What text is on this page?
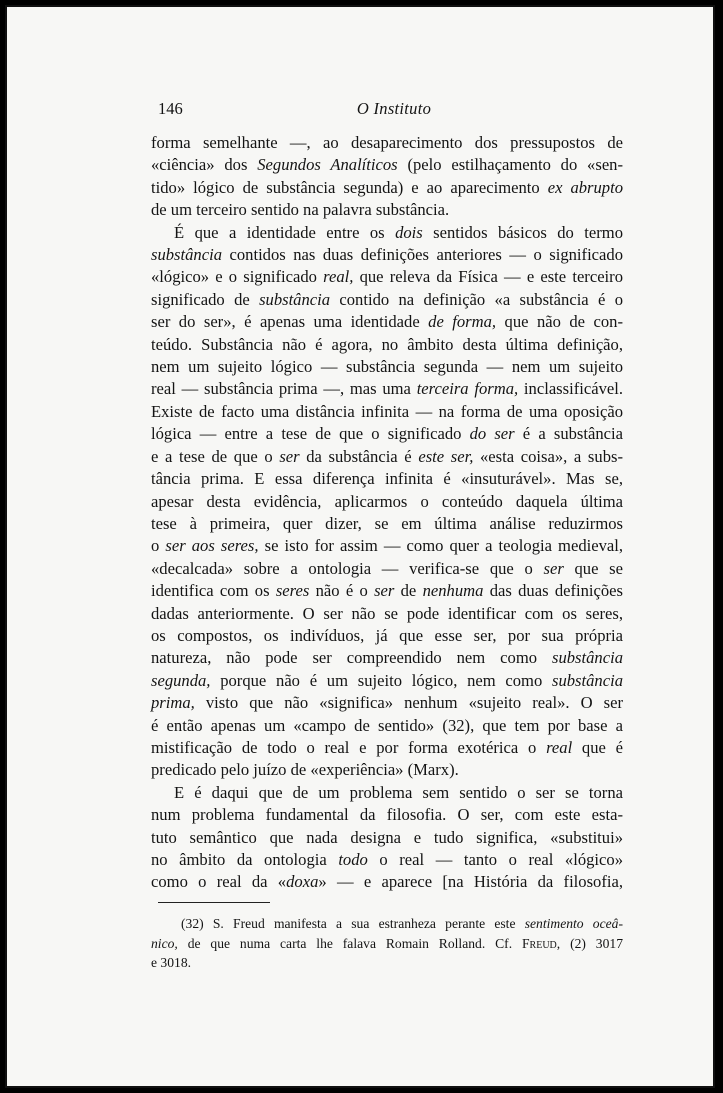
146	O Instituto
forma semelhante —, ao desaparecimento dos pressupostos de
«ciência» dos Segundos Analíticos (pelo estilhaçamento do «sen-
tido» lógico de substância segunda) e ao aparecimento ex abrupto
de um terceiro sentido na palavra substância.
É que a identidade entre os dois sentidos básicos do termo
substância contidos nas duas definições anteriores — o significado
«lógico» e o significado real, que releva da Física — e este terceiro
significado de substância contido na definição «a substância é o
ser do ser», é apenas uma identidade de forma, que não de con-
teúdo. Substância não é agora, no âmbito desta última definição,
nem um sujeito lógico — substância segunda — nem um sujeito
real — substância prima —, mas uma terceira forma, inclassificável.
Existe de facto uma distância infinita — na forma de uma oposição
lógica — entre a tese de que o significado do ser é a substância
e a tese de que o ser da substância é este ser, «esta coisa», a subs-
tância prima. E essa diferença infinita é «insuturável». Mas se,
apesar desta evidência, aplicarmos o conteúdo daquela última
tese à primeira, quer dizer, se em última análise reduzirmos
o ser aos seres, se isto for assim — como quer a teologia medieval,
«decalcada» sobre a ontologia — verifica-se que o ser que se
identifica com os seres não é o ser de nenhuma das duas definições
dadas anteriormente. O ser não se pode identificar com os seres,
os compostos, os indivíduos, já que esse ser, por sua própria
natureza, não pode ser compreendido nem como substância
segunda, porque não é um sujeito lógico, nem como substância
prima, visto que não «significa» nenhum «sujeito real». O ser
é então apenas um «campo de sentido» (32), que tem por base a
mistificação de todo o real e por forma exotérica o real que é
predicado pelo juízo de «experiência» (Marx).
E é daqui que de um problema sem sentido o ser se torna
num problema fundamental da filosofia. O ser, com este esta-
tuto semântico que nada designa e tudo significa, «substitui»
no âmbito da ontologia todo o real — tanto o real «lógico»
como o real da «doxa» — e aparece [na História da filosofia,
(32) S. Freud manifesta a sua estranheza perante este sentimento oceâ-
nico, de que numa carta lhe falava Romain Rolland. Cf. Freud, (2) 3017
e 3018.
